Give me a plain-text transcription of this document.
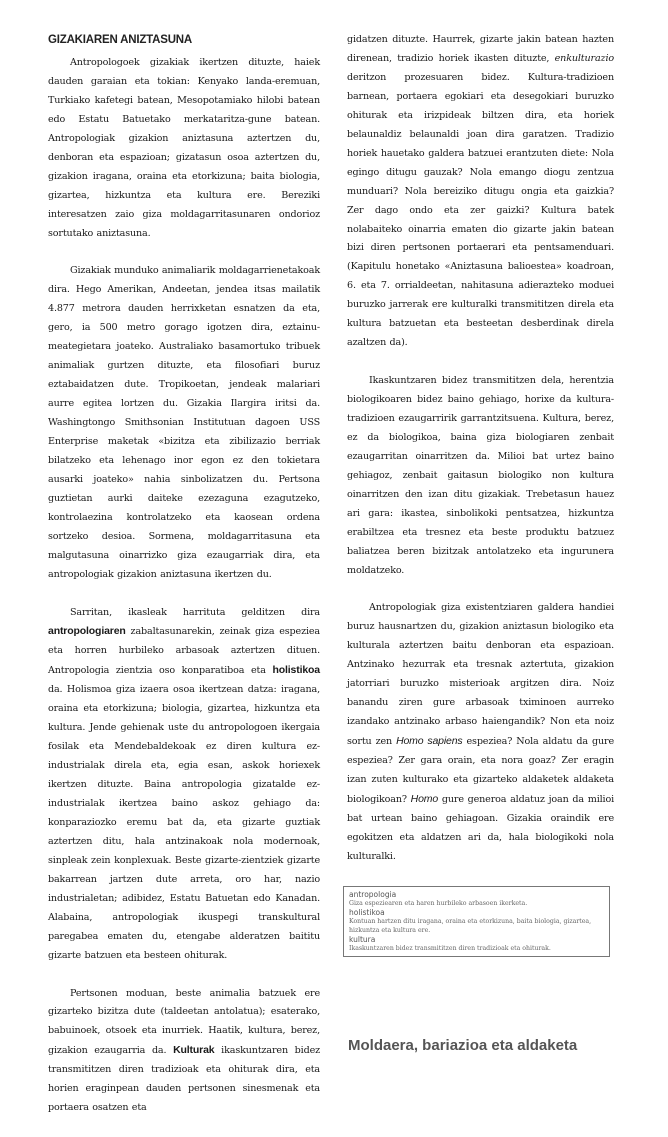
GIZAKIAREN ANIZTASUNA

Antropologoek gizakiak ikertzen dituzte, haiek dauden garaian eta tokian: Kenyako landa-eremuan, Turkiako kafetegi batean, Mesopotamiako hilobi batean edo Estatu Batuetako merkataritza-gune batean. Antropologiak gizakion aniztasuna aztertzen du, denboran eta espazioan; gizatasun osoa aztertzen du, gizakion iragana, oraina eta etorkizuna; baita biologia, gizartea, hizkuntza eta kultura ere. Bereziki interesatzen zaio giza moldagarritasunaren ondorioz sortutako aniztasuna.

Gizakiak munduko animaliarik moldagarrienetakoak dira. Hego Amerikan, Andeetan, jendea itsas mailatik 4.877 metrora dauden herrixketan esnatzen da eta, gero, ia 500 metro gorago igotzen dira, eztainu-meategietara joateko. Australiako basamortuko tribuek animaliak gurtzen dituzte, eta filosofiari buruz eztabaidatzen dute. Tropikoetan, jendeak malariari aurre egitea lortzen du. Gizakia Ilargira iritsi da. Washingtongo Smithsonian Institutuan dagoen USS Enterprise maketak «bizitza eta zibilizazio berriak bilatzeko eta lehenago inor egon ez den tokietara ausarki joateko» nahia sinbolizatzen du. Pertsona guztietan aurki daiteke ezezaguna ezagutzeko, kontrolaezina kontrolatzeko eta kaosean ordena sortzeko desioa. Sormena, moldagarritasuna eta malgutasuna oinarrizko giza ezaugarriak dira, eta antropologiak gizakion aniztasuna ikertzen du.

Sarritan, ikasleak harrituta gelditzen dira antropologiaren zabaltasunarekin, zeinak giza espeziea eta horren hurbileko arbasoak aztertzen dituen. Antropologia zientzia oso konparatiboa eta holistikoa da. Holismoa giza izaera osoa ikertzean datza: iragana, oraina eta etorkizuna; biologia, gizartea, hizkuntza eta kultura. Jende gehienak uste du antropologoen ikergaia fosilak eta Mendebaldekoak ez diren kultura ez-industrialak direla eta, egia esan, askok horiexek ikertzen dituzte. Baina antropologia gizatalde ez-industrialak ikertzea baino askoz gehiago da: konparaziozko eremu bat da, eta gizarte guztiak aztertzen ditu, hala antzinakoak nola modernoak, sinpleak zein konplexuak. Beste gizarte-zientziek gizarte bakarrean jartzen dute arreta, oro har, nazio industrialetan; adibidez, Estatu Batuetan edo Kanadan. Alabaina, antropologiak ikuspegi transkultural paregabea ematen du, etengabe alderatzen baititu gizarte batzuen eta besteen ohiturak.

Pertsonen moduan, beste animalia batzuek ere gizarteko bizitza dute (taldeetan antolatua); esaterako, babuinoek, otsoek eta inurriek. Haatik, kultura, berez, gizakion ezaugarria da. Kulturak ikaskuntzaren bidez transmititzen diren tradizioak eta ohiturak dira, eta horien eraginpean dauden pertsonen sinesmenak eta portaera osatzen eta

gidatzen dituzte. Haurrek, gizarte jakin batean hazten direnean, tradizio horiek ikasten dituzte, enkulturazio deritzon prozesuaren bidez. Kultura-tradizioen barnean, portaera egokiari eta desegokiari buruzko ohiturak eta irizpideak biltzen dira, eta horiek belaunaldiz belaunaldi joan dira garatzen. Tradizio horiek hauetako galdera batzuei erantzuten diete: Nola egingo ditugu gauzak? Nola emango diogu zentzua munduari? Nola bereiziko ditugu ongia eta gaizkia? Zer dago ondo eta zer gaizki? Kultura batek nolabaiteko oinarria ematen dio gizarte jakin batean bizi diren pertsonen portaerari eta pentsamenduari. (Kapitulu honetako «Aniztasuna balioestea» koadroan, 6. eta 7. orrialdeetan, nahitasuna adierazteko moduei buruzko jarrerak ere kulturalki transmititzen direla eta kultura batzuetan eta besteetan desberdinak direla azaltzen da).

Ikaskuntzaren bidez transmititzen dela, herentzia biologikoaren bidez baino gehiago, horixe da kultura-tradizioen ezaugarririk garrantzitsuena. Kultura, berez, ez da biologikoa, baina giza biologiaren zenbait ezaugarritan oinarritzen da. Milioi bat urtez baino gehiagoz, zenbait gaitasun biologiko non kultura oinarritzen den izan ditu gizakiak. Trebetasun hauez ari gara: ikastea, sinbolikoki pentsatzea, hizkuntza erabiltzea eta tresnez eta beste produktu batzuez baliatzea beren bizitzak antolatzeko eta ingurunera moldatzeko.

Antropologiak giza existentziaren galdera handiei buruz hausnartzen du, gizakion aniztasun biologiko eta kulturala aztertzen baitu denboran eta espazioan. Antzinako hezurrak eta tresnak aztertuta, gizakion jatorriari buruzko misterioak argitzen dira. Noiz banandu ziren gure arbasoak tximinoen aurreko izandako antzinako arbaso haiengandik? Non eta noiz sortu zen Homo sapiens espeziea? Nola aldatu da gure espeziea? Zer gara orain, eta nora goaz? Zer eragin izan zuten kulturako eta gizarteko aldaketek aldaketa biologikoan? Homo gure generoa aldatuz joan da milioi bat urtean baino gehiagoan. Gizakia oraindik ere egokitzen eta aldatzen ari da, hala biologikoki nola kulturalki.

antropologia
Giza espeziearen eta haren hurbileko arbasoen ikerketa.
holistikoa
Kontuan hartzen ditu iragana, oraina eta etorkizuna, baita biologia, gizartea, hizkuntza eta kultura ere.
kultura
Ikaskuntzaren bidez transmititzen diren tradizioak eta ohiturak.
Moldaera, bariazioa eta aldaketa
